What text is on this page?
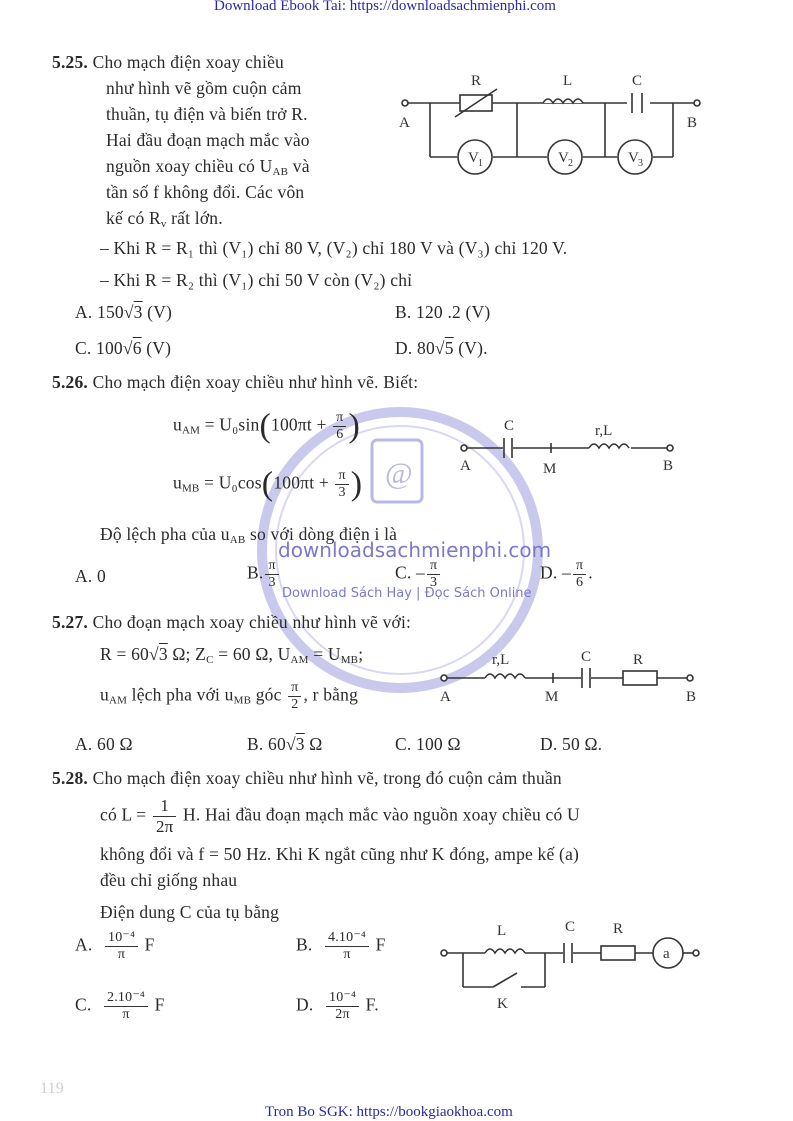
Download Ebook Tai: https://downloadsachmienphi.com
Tron Bo SGK: https://bookgiaokhoa.com
119
@
downloadsachmienphi.com
Download Sách Hay | Đọc Sách Online
5.25. Cho mạch điện xoay chiều
như hình vẽ gồm cuộn cảm
thuần, tụ điện và biến trở R.
Hai đầu đoạn mạch mắc vào
nguồn xoay chiều có $U_{AB}$ và
tần số f không đổi. Các vôn
kế có $R_v$ rất lớn.
– Khi R = R₁ thì (V₁) chỉ 80 V, (V₂) chỉ 180 V và (V₃) chỉ 120 V.
– Khi R = R₂ thì (V₁) chỉ 50 V còn (V₂) chỉ
A. 150√3 (V)	B. 120 .2 (V)
C. 100√6 (V)	D. 80√5 (V).
R	L	C
A	B
V 1	V 2	V 3
5.26. Cho mạch điện xoay chiều như hình vẽ. Biết:
$u_{AM} = U_0\sin(100\pi t + \frac{\pi}{6}$ )
$u_{MB} = U_0\cos(100\pi t + \frac{\pi}{3}$ )
Độ lệch pha của $u_{AB}$ so với dòng điện i là
A. 0	B. $\frac{\pi}{3}$	C. – $\frac{\pi}{3}$	D. – $\frac{\pi}{6}$ .
C	r,L
A	M	B
5.27. Cho đoạn mạch xoay chiều như hình vẽ với:
R = 60√3 Ω; $Z_C = 60$ Ω, $U_{AM} = U_{MB}$;
$u_{AM}$ lệch pha với $u_{MB}$ góc $\frac{\pi}{2}$ , r bằng
A. 60 Ω	B. 60√3 Ω	C. 100 Ω	D. 50 Ω.
r,L	C	R
A	M	B
5.28. Cho mạch điện xoay chiều như hình vẽ, trong đó cuộn cảm thuần
có $L = \frac{1}{2\pi} H$. Hai đầu đoạn mạch mắc vào nguồn xoay chiều có U
không đổi và f = 50 Hz. Khi K ngắt cũng như K đóng, ampe kế (a)
đều chỉ giống nhau
Điện dung C của tụ bằng
A. $\frac{\text{10⁻⁴}}{\pi}$ F	B. $\frac{\text{4.10⁻⁴}}{\pi}$ F
C. $\frac{\text{2.10⁻⁴}}{\pi}$ F	D. $\frac{\text{10⁻⁴}}{2\pi} F$.
L	C	R
a
K
